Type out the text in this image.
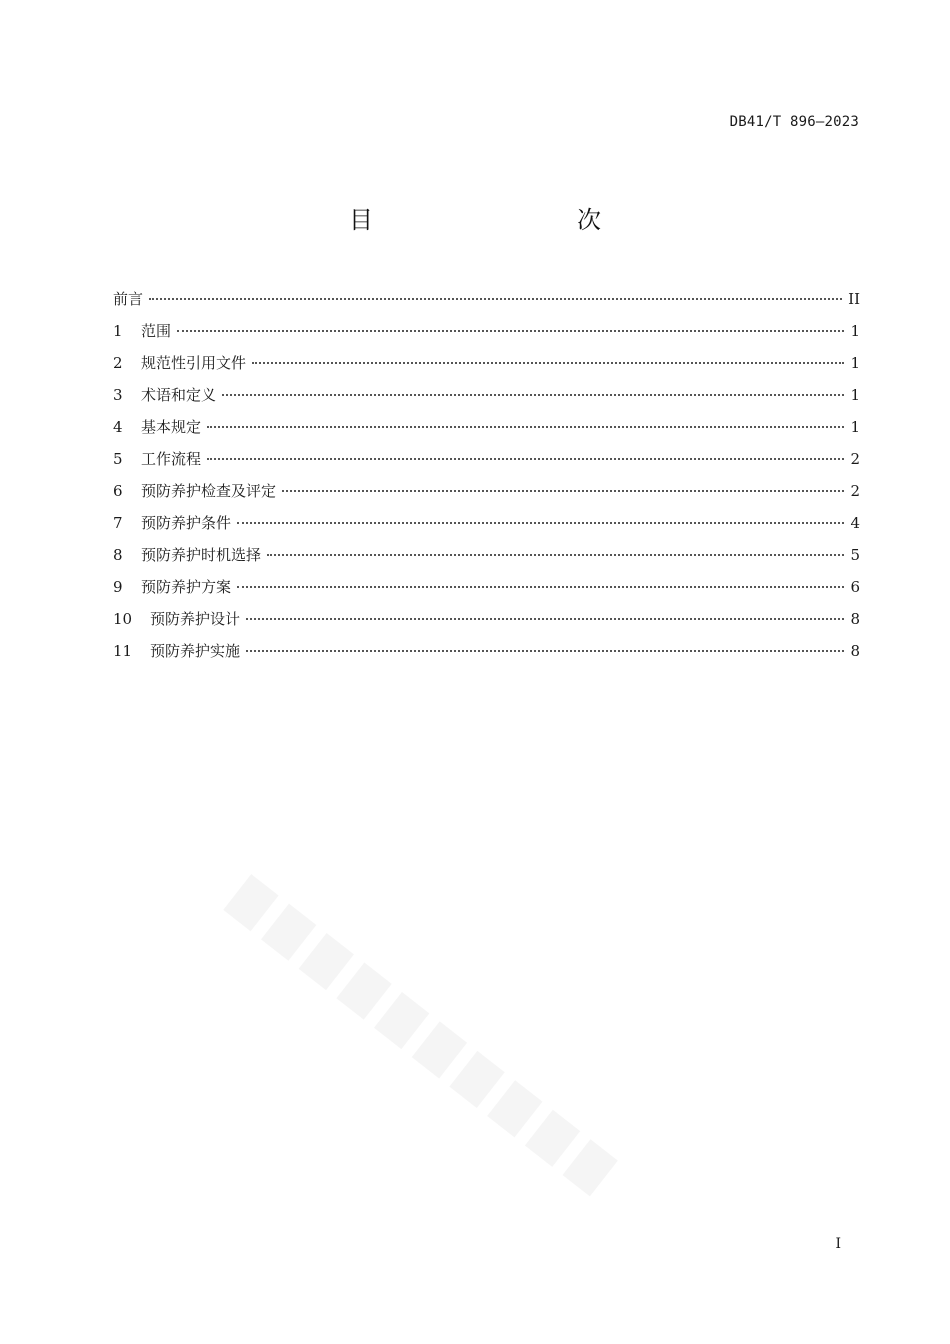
DB41/T 896—2023
目　　次
前言	II
1	范围	1
2	规范性引用文件	1
3	术语和定义	1
4	基本规定	1
5	工作流程	2
6	预防养护检查及评定	2
7	预防养护条件	4
8	预防养护时机选择	5
9	预防养护方案	6
10	预防养护设计	8
11	预防养护实施	8
▇▇▇▇▇▇▇▇▇▇
I
